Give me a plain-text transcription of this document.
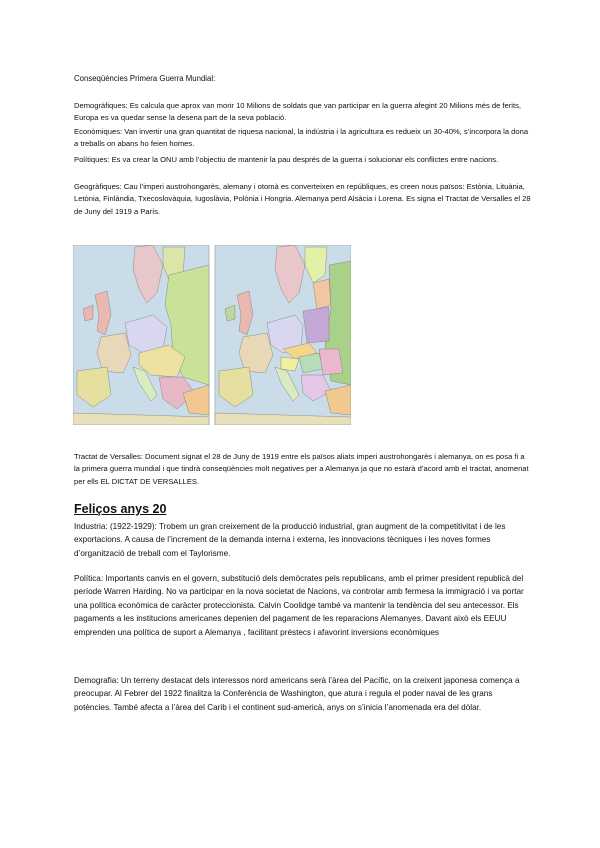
Conseqüències Primera Guerra Mundial:

Demogràfiques: Es calcula que aprox van morir 10 Milions de soldats que van participar en la guerra afegint 20 Milions més de ferits, Europa es va quedar sense la desena part de la seva població.

Econòmiques: Van invertir una gran quantitat de riquesa nacional, la indústria i la agricultura es redueix un 30-40%, s’incorpora la dona a treballs on abans ho feien homes.

Polítiques: Es va crear la ONU amb l’objectiu de mantenir la pau després de la guerra i solucionar els conflictes entre nacions.

Geogràfiques: Cau l’imperi austrohongarès, alemany i otomà es converteixen en repúbliques, es creen nous països: Estònia, Lituània, Letònia, Finlàndia, Txecoslovàquia, Iugoslàvia, Polònia i Hongria. Alemanya perd Alsàcia i Lorena. Es signa el Tractat de Versalles el 28 de Juny del 1919 a París.

Tractat de Versalles: Document signat el 28 de Juny de 1919 entre els països aliats imperi austrohongarès i alemanya, on es posa fi a la primera guerra mundial i que tindrà conseqüències molt negatives per a Alemanya ja que no estarà d’acord amb el tractat, anomenat per ells EL DICTAT DE VERSALLES.

Feliços anys 20

Industria: (1922-1929): Trobem un gran creixement de la producció industrial, gran augment de la competitivitat i de les exportacions. A causa de l’increment de la demanda interna i externa, les innovacions tècniques i les noves formes d’organització de treball com el Taylorisme.

Política: Importants canvis en el govern, substitució dels demòcrates pels republicans, amb el primer president republicà del període Warren Harding. No va participar en la nova societat de Nacions, va controlar amb fermesa la immigració i va portar una política econòmica de caràcter proteccionista. Calvin Coolidge també va mantenir la tendència del seu antecessor. Els pagaments a les institucions americanes depenien del pagament de les reparacions Alemanyes. Davant això els EEUU emprenden una política de suport a Alemanya , facilitant préstecs i afavorint inversions econòmiques

Demografia: Un terreny destacat dels interessos nord americans serà l’àrea del Pacífic, on la creixent japonesa comença a preocupar. Al Febrer del 1922 finalitza la Conferència de Washington, que atura i regula el poder naval de les grans potències. També afecta a l’àrea del Carib i el continent sud-americà, anys on s’inicia l’anomenada era del dòlar.
